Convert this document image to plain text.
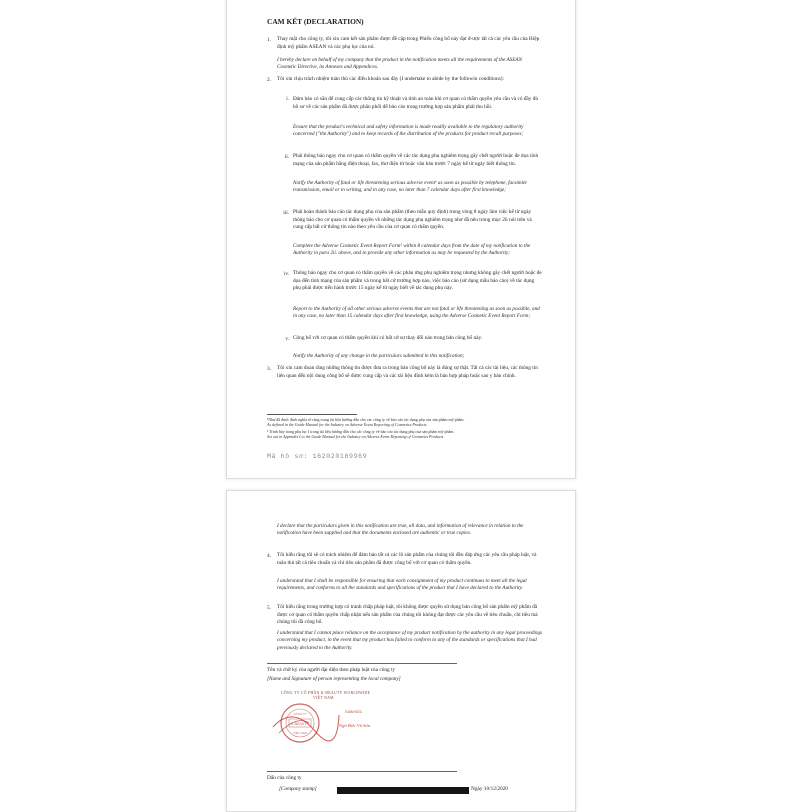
CAM KẾT (DECLARATION)
1. Thay mặt cho công ty, tôi xin cam kết sản phẩm được đề cập trong Phiếu công bố này đạt đ-ược tất cả các yêu cầu của Hiệp định mỹ phẩm ASEAN và các phụ lục của nó.
I hereby declare on behalf of my company that the product in the notification meets all the requirements of the ASEAN Cosmetic Directive, its Annexes and Appendices.
2. Tôi xin chịu trách nhiệm tuân thủ các điều khoản sau đây (I undertake to abide by the followin conditions):
i. Đảm bảo có sẵn để cung cấp các thông tin kỹ thuật và tính an toàn khi cơ quan có thẩm quyền yêu cầu và có đầy đủ hồ sơ về các sản phẩm đã được phân phối để bảo cáo trong trường hợp sản phẩm phải thu hồi.
Ensure that the product's technical and safety information is made readily available to the regulatory authority concerned ("the Authority") and to keep records of the distribution of the products for product recall purposes;
ii. Phải thông báo ngay cho cơ quan có thẩm quyền về các tác dụng phụ nghiêm trọng gây chết người hoặc đe dọa tính mạng của sản phẩm bằng điện thoại, fax, thư điện tử hoặc văn bản trước 7 ngày kể từ ngày biết thông tin.
Notify the Authority of fatal or life threatening serious adverse event¹ as soon as possible by telephone, facsimile transmission, email or in writing, and in any case, no later than 7 calendar days after first knowledge;
iii. Phải hoàn thành báo cáo tác dụng phụ của sản phẩm (theo mẫu quy định) trong vòng 8 ngày làm việc kể từ ngày thông báo cho cơ quan có thẩm quyền về những tác dụng phụ nghiêm trọng như đã nêu trong mục 2ii nói trên và cung cấp bất cứ thông tin nào theo yêu cầu của cơ quan có thẩm quyền.
Complete the Adverse Cosmetic Event Report Form² within 8 calendar days from the date of my notification to the Authority in para 2ii. above, and to provide any other information as may be requested by the Authority;
iv. Thông báo ngay cho cơ quan có thẩm quyền về các phản ứng phụ nghiêm trọng nhưng không gây chết người hoặc đe dọa đến tính mạng của sản phẩm và trong bất cứ trường hợp nào, việc báo cáo (sử dụng mẫu báo cáo) về tác dụng phụ phải được tiến hành trước 15 ngày kể từ ngày biết về tác dụng phụ này.
Report to the Authority of all other serious adverse events that are not fatal or life threatening as soon as possible, and in any case, no later than 15 calendar days after first knowledge, using the Adverse Cosmetic Event Report Form;
v. Công bố với cơ quan có thẩm quyền khi có bất cứ sự thay đổi nào trong bản công bố này.
Notify the Authority of any change in the particulars submitted in this notification;
3. Tôi xin cam đoan rằng những thông tin được đưa ra trong bản công bố này là đúng sự thật. Tất cả các tài liệu, các thông tin liên quan đến nội dung công bố sẽ được cung cấp và các tài liệu đính kèm là bản hợp pháp hoặc sao y bản chính.
¹Như đã được định nghĩa rõ ràng trong tài liệu hướng dẫn cho các công ty về báo cáo tác dụng phụ của sản phẩm mỹ phẩm.
As defined in the Guide Manual for the Industry on Adverse Event Reporting of Cosmetics Products
² Trình bày trong phụ lục I trong tài liệu hướng dẫn cho các công ty về báo cáo tác dụng phụ của sản phẩm mỹ phẩm.
Set out in Appendix I to the Guide Manual for the Industry on Adverse Event Reporting of Cosmetics Products
Mã hồ sơ: 162020169969
I declare that the particulars given in this notification are true, all data, and information of relevance in relation to the notification have been supplied and that the documents enclosed are authentic or true copies.
4. Tôi hiểu rằng tôi sẽ có trách nhiệm để đảm bảo tất cả các lô sản phẩm của chúng tôi đều đáp ứng các yêu cầu pháp luật, và tuân thủ tất cả tiêu chuẩn và chỉ tiêu sản phẩm đã được công bố với cơ quan có thẩm quyền.
I understand that I shall be responsible for ensuring that each consignment of my product continues to meet all the legal requirements, and conforms to all the standards and specifications of the product that I have declared to the Authority.
5. Tôi hiểu rằng trong trường hợp có tranh chấp pháp luật, tôi không được quyền sử dụng bản công bố sản phẩm mỹ phẩm đã được cơ quan có thẩm quyền chấp nhận nếu sản phẩm của chúng tôi không đạt được các yêu cầu về tiêu chuẩn, chỉ tiêu mà chúng tôi đã công bố.
I understand that I cannot place reliance on the acceptance of my product notification by the authority in any legal proceedings concerning my product, in the event that my product has failed to conform to any of the standards or specifications that I had previously declared to the Authority.
Tên và chữ ký của người đại diện theo pháp luật của công ty
[Name and Signature of person representing the local company]
CÔNG TY CỔ PHẦN K-BEAUTY WORLDWIDE
VIỆT NAM
K-BEAUTY
CÔNG TY
VIỆT NAM
GIÁM ĐỐC
Ngô Đức Vũ Sơn
Dấu của công ty
[Company stamp]	Ngày 10/12/2020
